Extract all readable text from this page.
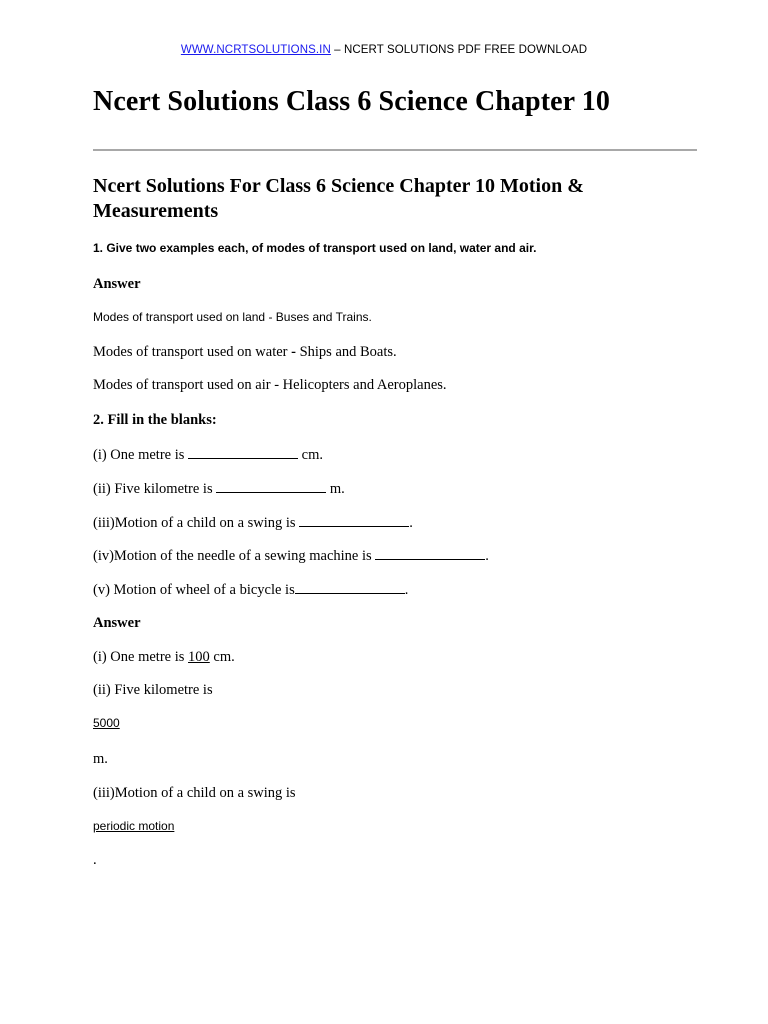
WWW.NCRTSOLUTIONS.IN – NCERT SOLUTIONS PDF FREE DOWNLOAD
Ncert Solutions Class 6 Science Chapter 10
Ncert Solutions For Class 6 Science Chapter 10 Motion & Measurements
1. Give two examples each, of modes of transport used on land, water and air.
Answer
Modes of transport used on land - Buses and Trains.
Modes of transport used on water - Ships and Boats.
Modes of transport used on air - Helicopters and Aeroplanes.
2. Fill in the blanks:
(i) One metre is	cm.
(ii) Five kilometre is	m.
(iii)Motion of a child on a swing is	.
(iv)Motion of the needle of a sewing machine is	.
(v) Motion of wheel of a bicycle is	.
Answer
(i) One metre is 100 cm.
(ii) Five kilometre is
5000
m.
(iii)Motion of a child on a swing is
periodic motion
.
